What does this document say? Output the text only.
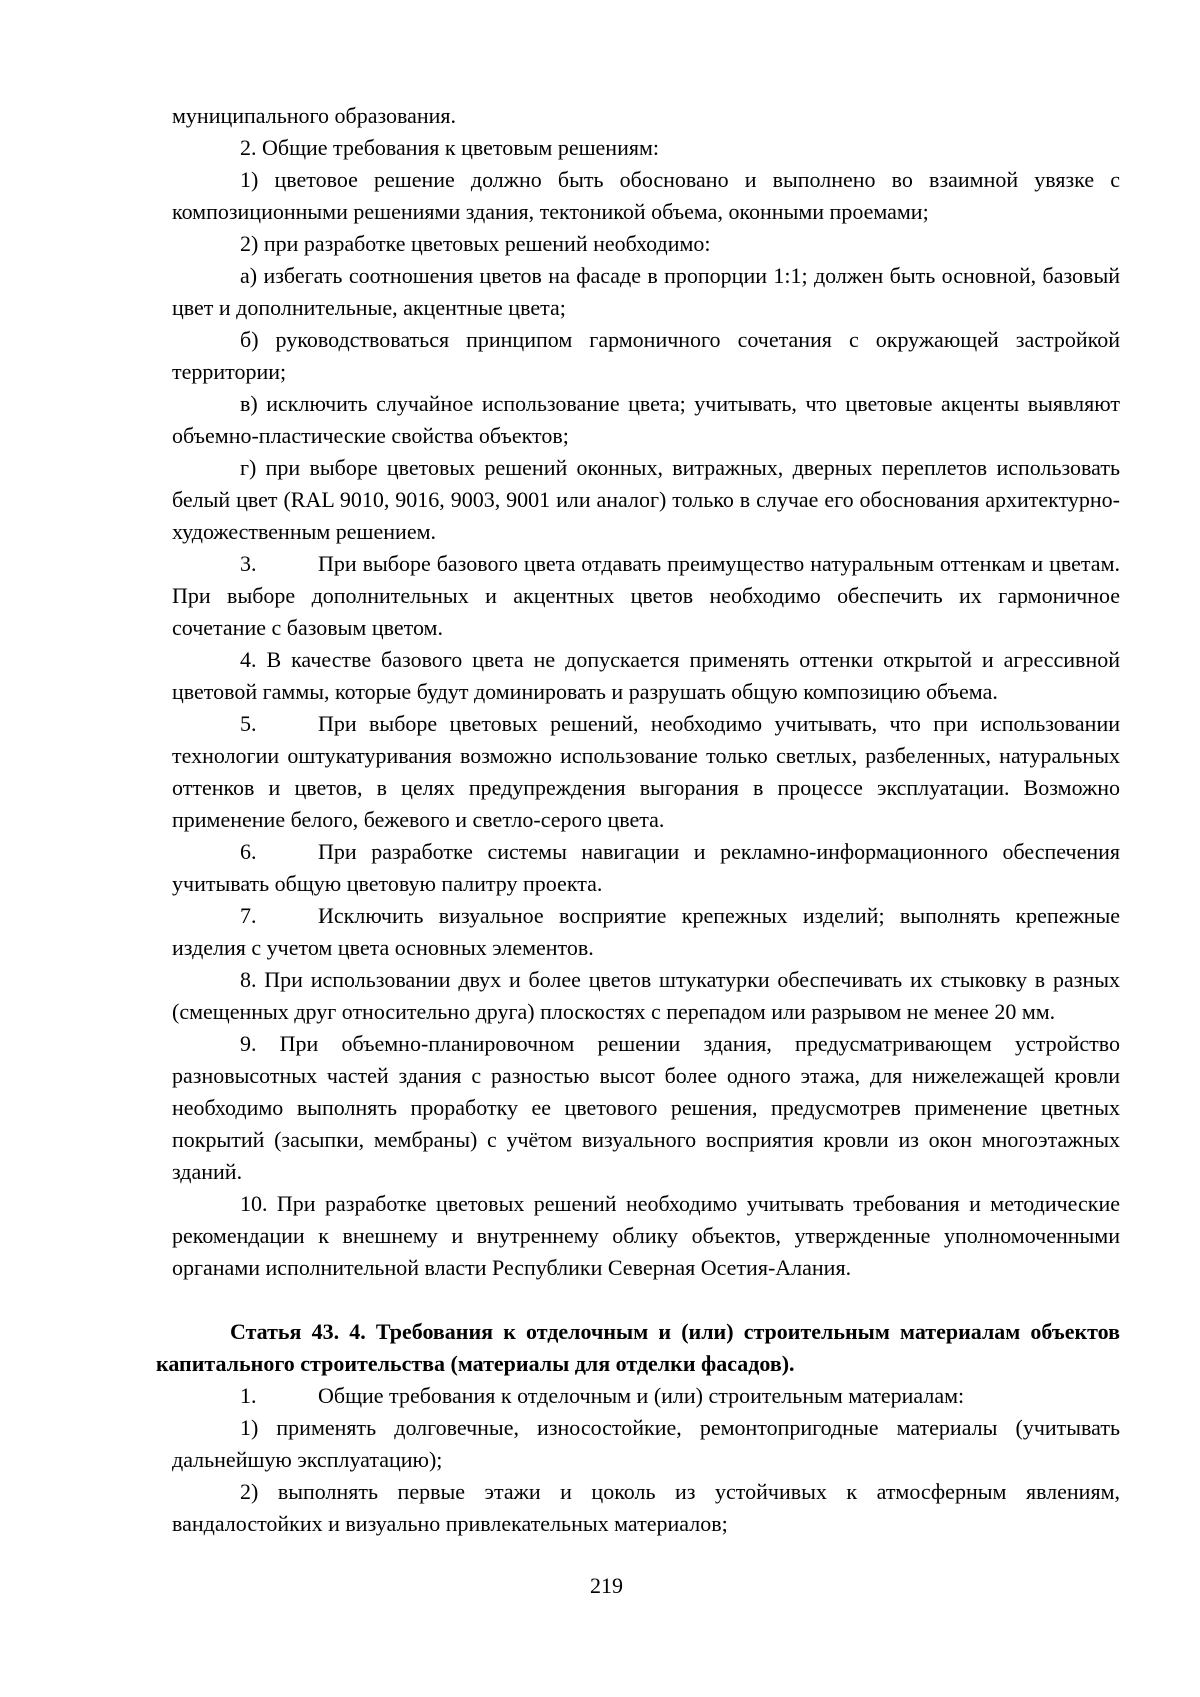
муниципального образования.

2. Общие требования к цветовым решениям:

1) цветовое решение должно быть обосновано и выполнено во взаимной увязке с композиционными решениями здания, тектоникой объема, оконными проемами;

2) при разработке цветовых решений необходимо:

а) избегать соотношения цветов на фасаде в пропорции 1:1; должен быть основной, базовый цвет и дополнительные, акцентные цвета;

б) руководствоваться принципом гармоничного сочетания с окружающей застройкой территории;

в) исключить случайное использование цвета; учитывать, что цветовые акценты выявляют объемно-пластические свойства объектов;

г) при выборе цветовых решений оконных, витражных, дверных переплетов использовать белый цвет (RAL 9010, 9016, 9003, 9001 или аналог) только в случае его обоснования архитектурно-художественным решением.

3.	При выборе базового цвета отдавать преимущество натуральным оттенкам и цветам. При выборе дополнительных и акцентных цветов необходимо обеспечить их гармоничное сочетание с базовым цветом.

4. В качестве базового цвета не допускается применять оттенки открытой и агрессивной цветовой гаммы, которые будут доминировать и разрушать общую композицию объема.

5.	При выборе цветовых решений, необходимо учитывать, что при использовании технологии оштукатуривания возможно использование только светлых, разбеленных, натуральных оттенков и цветов, в целях предупреждения выгорания в процессе эксплуатации. Возможно применение белого, бежевого и светло-серого цвета.

6.	При разработке системы навигации и рекламно-информационного обеспечения учитывать общую цветовую палитру проекта.

7.	Исключить визуальное восприятие крепежных изделий; выполнять крепежные изделия с учетом цвета основных элементов.

8. При использовании двух и более цветов штукатурки обеспечивать их стыковку в разных (смещенных друг относительно друга) плоскостях с перепадом или разрывом не менее 20 мм.

9. При объемно-планировочном решении здания, предусматривающем устройство разновысотных частей здания с разностью высот более одного этажа, для нижележащей кровли необходимо выполнять проработку ее цветового решения, предусмотрев применение цветных покрытий (засыпки, мембраны) с учётом визуального восприятия кровли из окон многоэтажных зданий.

10. При разработке цветовых решений необходимо учитывать требования и методические рекомендации к внешнему и внутреннему облику объектов, утвержденные уполномоченными органами исполнительной власти Республики Северная Осетия-Алания.

Статья 43. 4. Требования к отделочным и (или) строительным материалам объектов капитального строительства (материалы для отделки фасадов).

1.	Общие требования к отделочным и (или) строительным материалам:

1) применять долговечные, износостойкие, ремонтопригодные материалы (учитывать дальнейшую эксплуатацию);

2) выполнять первые этажи и цоколь из устойчивых к атмосферным явлениям, вандалостойких и визуально привлекательных материалов;

219
